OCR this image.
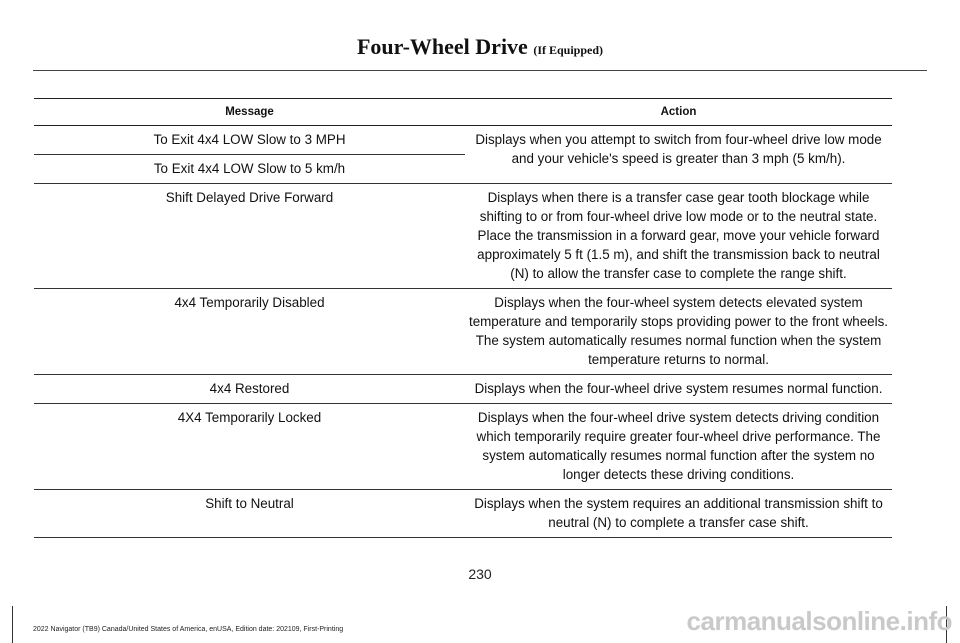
Four-Wheel Drive (If Equipped)
Message	Action
To Exit 4x4 LOW Slow to 3 MPH	Displays when you attempt to switch from four-wheel drive low mode and your vehicle's speed is greater than 3 mph (5 km/h).
To Exit 4x4 LOW Slow to 5 km/h	
Shift Delayed Drive Forward	Displays when there is a transfer case gear tooth blockage while shifting to or from four-wheel drive low mode or to the neutral state. Place the transmission in a forward gear, move your vehicle forward approximately 5 ft (1.5 m), and shift the transmission back to neutral (N) to allow the transfer case to complete the range shift.
4x4 Temporarily Disabled	Displays when the four-wheel system detects elevated system temperature and temporarily stops providing power to the front wheels. The system automatically resumes normal function when the system temperature returns to normal.
4x4 Restored	Displays when the four-wheel drive system resumes normal function.
4X4 Temporarily Locked	Displays when the four-wheel drive system detects driving condition which temporarily require greater four-wheel drive performance. The system automatically resumes normal function after the system no longer detects these driving conditions.
Shift to Neutral	Displays when the system requires an additional transmission shift to neutral (N) to complete a transfer case shift.
230
2022 Navigator (TB9) Canada/United States of America, enUSA, Edition date: 202109, First-Printing	carmanualsonline.info
